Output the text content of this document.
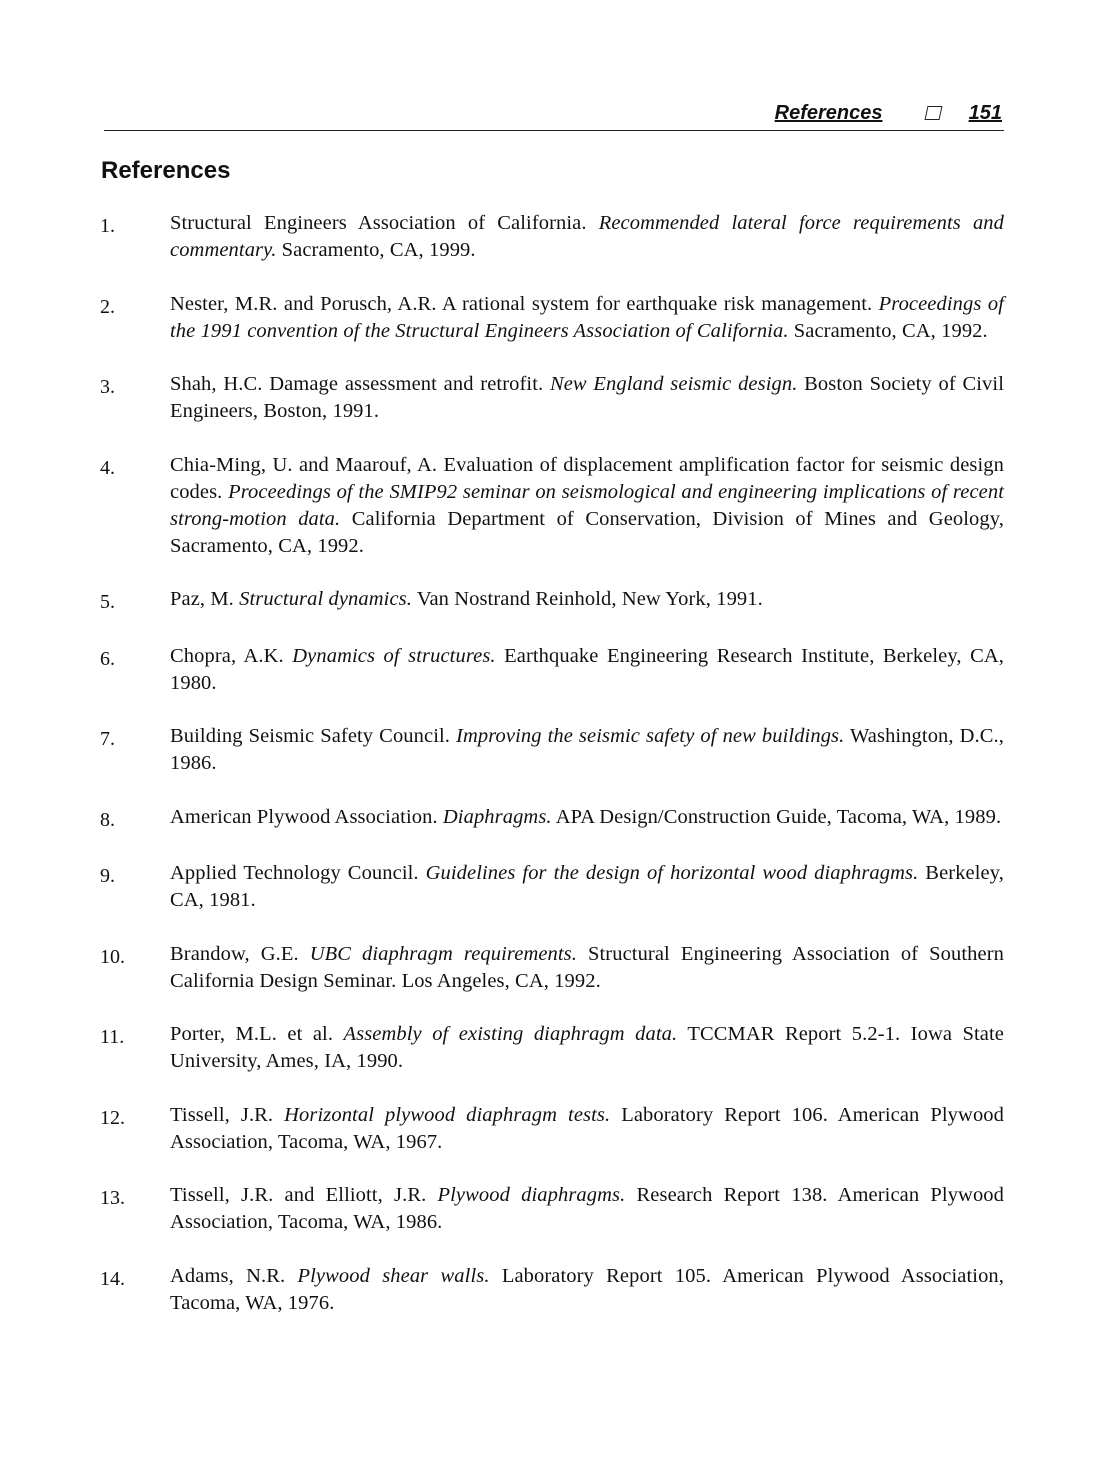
References	151
References
1.	Structural Engineers Association of California. Recommended lateral force requirements and commentary. Sacramento, CA, 1999.
2.	Nester, M.R. and Porusch, A.R. A rational system for earthquake risk management. Proceedings of the 1991 convention of the Structural Engineers Association of California. Sacramento, CA, 1992.
3.	Shah, H.C. Damage assessment and retrofit. New England seismic design. Boston Society of Civil Engineers, Boston, 1991.
4.	Chia-Ming, U. and Maarouf, A. Evaluation of displacement amplification factor for seismic design codes. Proceedings of the SMIP92 seminar on seismological and engineering implications of recent strong-motion data. California Department of Conservation, Division of Mines and Geology, Sacramento, CA, 1992.
5.	Paz, M. Structural dynamics. Van Nostrand Reinhold, New York, 1991.
6.	Chopra, A.K. Dynamics of structures. Earthquake Engineering Research Institute, Berkeley, CA, 1980.
7.	Building Seismic Safety Council. Improving the seismic safety of new buildings. Washington, D.C., 1986.
8.	American Plywood Association. Diaphragms. APA Design/Construction Guide, Tacoma, WA, 1989.
9.	Applied Technology Council. Guidelines for the design of horizontal wood diaphragms. Berkeley, CA, 1981.
10.	Brandow, G.E. UBC diaphragm requirements. Structural Engineering Association of Southern California Design Seminar. Los Angeles, CA, 1992.
11.	Porter, M.L. et al. Assembly of existing diaphragm data. TCCMAR Report 5.2-1. Iowa State University, Ames, IA, 1990.
12.	Tissell, J.R. Horizontal plywood diaphragm tests. Laboratory Report 106. American Plywood Association, Tacoma, WA, 1967.
13.	Tissell, J.R. and Elliott, J.R. Plywood diaphragms. Research Report 138. American Plywood Association, Tacoma, WA, 1986.
14.	Adams, N.R. Plywood shear walls. Laboratory Report 105. American Plywood Association, Tacoma, WA, 1976.
